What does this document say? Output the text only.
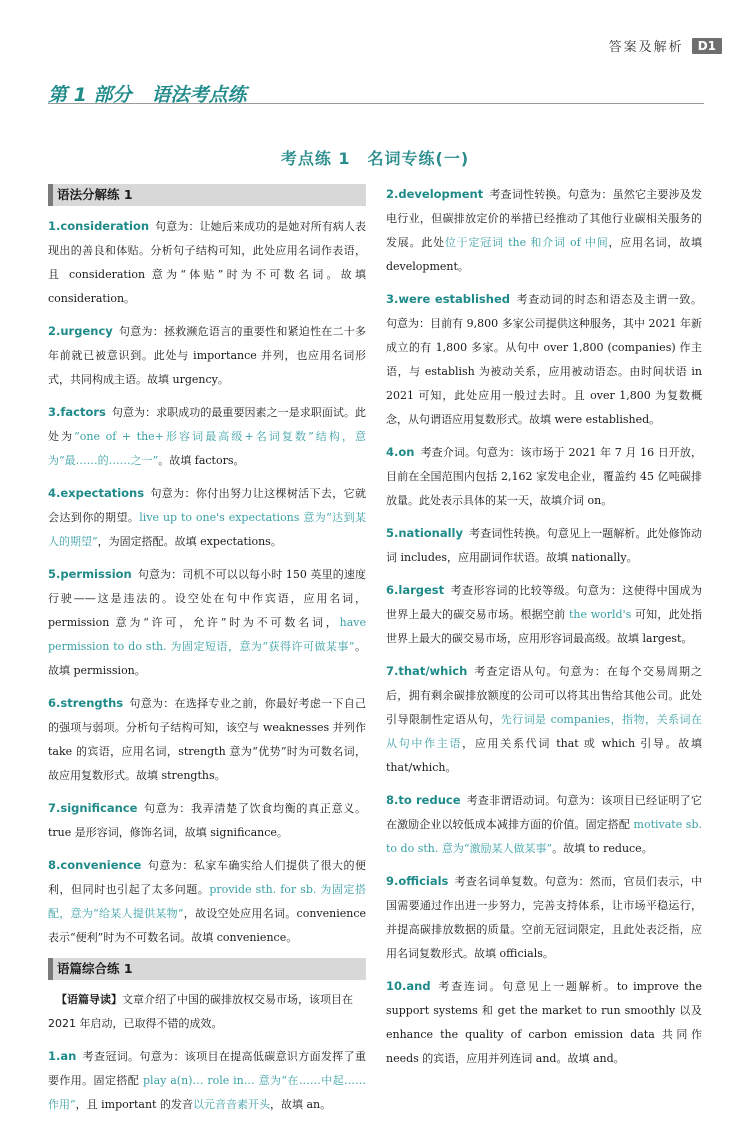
答案及解析	D1
第 1 部分 语法考点练
考点练 1　名词专练(一)
语法分解练 1
1.consideration 句意为：让她后来成功的是她对所有病人表现出的善良和体贴。分析句子结构可知，此处应用名词作表语，且 consideration 意为“体贴”时为不可数名词。故填 consideration。
2.urgency 句意为：拯救濒危语言的重要性和紧迫性在二十多年前就已被意识到。此处与 importance 并列，也应用名词形式，共同构成主语。故填 urgency。
3.factors 句意为：求职成功的最重要因素之一是求职面试。此处为“one of + the+形容词最高级+名词复数”结构，意为“最……的……之一”。故填 factors。
4.expectations 句意为：你付出努力让这棵树活下去，它就会达到你的期望。live up to one's expectations 意为“达到某人的期望”，为固定搭配。故填 expectations。
5.permission 句意为：司机不可以以每小时 150 英里的速度行驶——这是违法的。设空处在句中作宾语，应用名词，permission 意为“许可，允许”时为不可数名词，have permission to do sth. 为固定短语，意为“获得许可做某事”。故填 permission。
6.strengths 句意为：在选择专业之前，你最好考虑一下自己的强项与弱项。分析句子结构可知，该空与 weaknesses 并列作 take 的宾语，应用名词，strength 意为“优势”时为可数名词，故应用复数形式。故填 strengths。
7.significance 句意为：我弄清楚了饮食均衡的真正意义。true 是形容词，修饰名词，故填 significance。
8.convenience 句意为：私家车确实给人们提供了很大的便利，但同时也引起了太多问题。provide sth. for sb. 为固定搭配，意为“给某人提供某物”，故设空处应用名词。convenience 表示“便利”时为不可数名词。故填 convenience。
语篇综合练 1
【语篇导读】文章介绍了中国的碳排放权交易市场，该项目在 2021 年启动，已取得不错的成效。
1.an 考查冠词。句意为：该项目在提高低碳意识方面发挥了重要作用。固定搭配 play a(n)… role in… 意为“在……中起……作用”，且 important 的发音以元音音素开头，故填 an。
2.development 考查词性转换。句意为：虽然它主要涉及发电行业，但碳排放定价的举措已经推动了其他行业碳相关服务的发展。此处位于定冠词 the 和介词 of 中间，应用名词，故填 development。
3.were established 考查动词的时态和语态及主谓一致。句意为：目前有 9,800 多家公司提供这种服务，其中 2021 年新成立的有 1,800 多家。从句中 over 1,800 (companies) 作主语，与 establish 为被动关系，应用被动语态。由时间状语 in 2021 可知，此处应用一般过去时。且 over 1,800 为复数概念，从句谓语应用复数形式。故填 were established。
4.on 考查介词。句意为：该市场于 2021 年 7 月 16 日开放，目前在全国范围内包括 2,162 家发电企业，覆盖约 45 亿吨碳排放量。此处表示具体的某一天，故填介词 on。
5.nationally 考查词性转换。句意见上一题解析。此处修饰动词 includes，应用副词作状语。故填 nationally。
6.largest 考查形容词的比较等级。句意为：这使得中国成为世界上最大的碳交易市场。根据空前 the world's 可知，此处指世界上最大的碳交易市场，应用形容词最高级。故填 largest。
7.that/which 考查定语从句。句意为：在每个交易周期之后，拥有剩余碳排放额度的公司可以将其出售给其他公司。此处引导限制性定语从句，先行词是 companies，指物，关系词在从句中作主语，应用关系代词 that 或 which 引导。故填 that/which。
8.to reduce 考查非谓语动词。句意为：该项目已经证明了它在激励企业以较低成本减排方面的价值。固定搭配 motivate sb. to do sth. 意为“激励某人做某事”。故填 to reduce。
9.officials 考查名词单复数。句意为：然而，官员们表示，中国需要通过作出进一步努力，完善支持体系，让市场平稳运行，并提高碳排放数据的质量。空前无冠词限定，且此处表泛指，应用名词复数形式。故填 officials。
10.and 考查连词。句意见上一题解析。to improve the support systems 和 get the market to run smoothly 以及 enhance the quality of carbon emission data 共同作 needs 的宾语，应用并列连词 and。故填 and。
